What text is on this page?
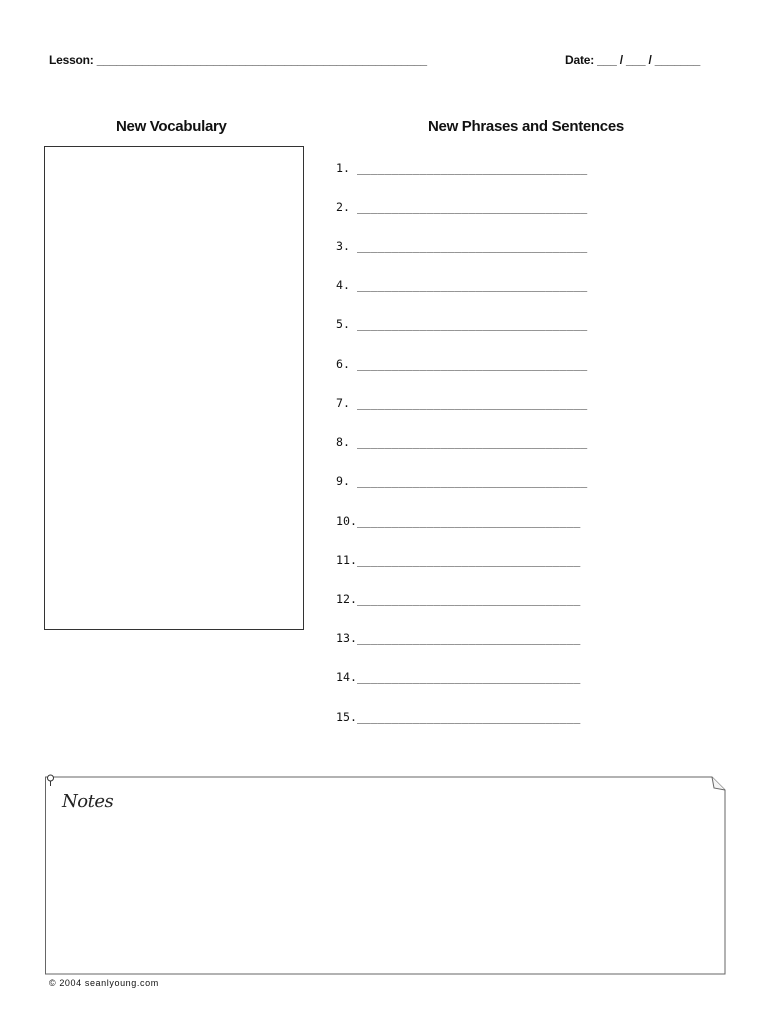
Lesson: ___________________________________________________	Date: ___ / ___ / _______
New Vocabulary	New Phrases and Sentences
1. _________________________________
2. _________________________________
3. _________________________________
4. _________________________________
5. _________________________________
6. _________________________________
7. _________________________________
8. _________________________________
9. _________________________________
10.________________________________
11.________________________________
12.________________________________
13.________________________________
14.________________________________
15.________________________________
Notes
© 2004 seanlyoung.com
